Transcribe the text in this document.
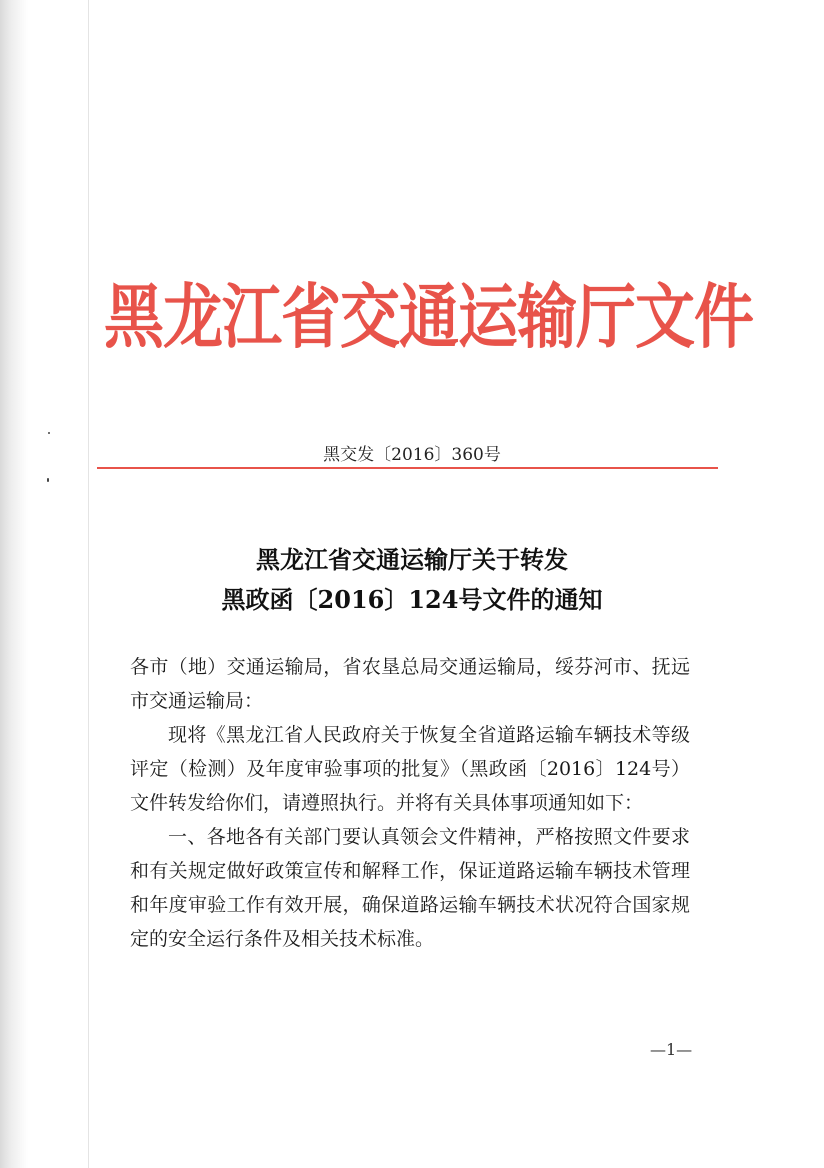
黑龙江省交通运输厅文件
黑交发〔2016〕360号
黑龙江省交通运输厅关于转发
黑政函〔2016〕124号文件的通知

各市（地）交通运输局，省农垦总局交通运输局，绥芬河市、抚远市交通运输局：

现将《黑龙江省人民政府关于恢复全省道路运输车辆技术等级评定（检测）及年度审验事项的批复》（黑政函〔2016〕124号）文件转发给你们，请遵照执行。并将有关具体事项通知如下：

一、各地各有关部门要认真领会文件精神，严格按照文件要求和有关规定做好政策宣传和解释工作，保证道路运输车辆技术管理和年度审验工作有效开展，确保道路运输车辆技术状况符合国家规定的安全运行条件及相关技术标准。

—1—
